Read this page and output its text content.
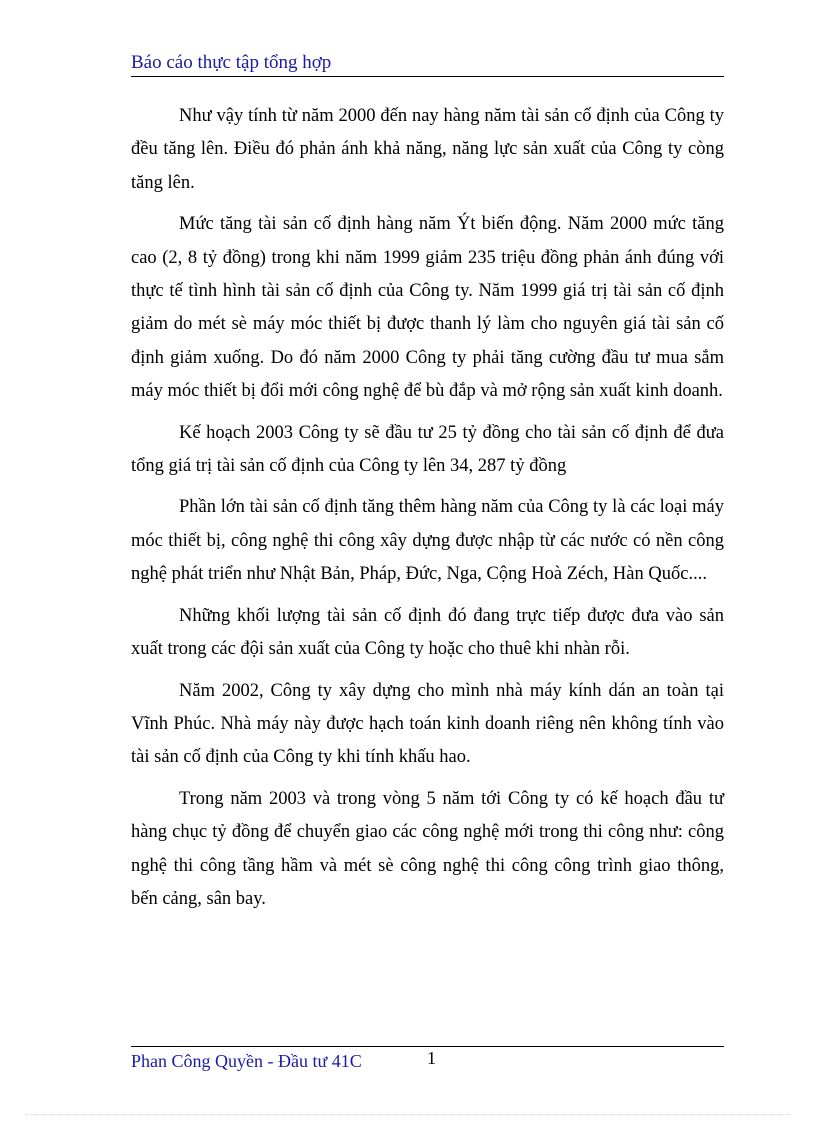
Báo cáo thực tập tổng hợp

Như vậy tính từ năm 2000 đến nay hàng năm tài sản cố định của Công ty đều tăng lên. Điều đó phản ánh khả năng, năng lực sản xuất của Công ty còng tăng lên.

Mức tăng tài sản cố định hàng năm Ýt biến động. Năm 2000 mức tăng cao (2, 8 tỷ đồng) trong khi năm 1999 giảm 235 triệu đồng phản ánh đúng với thực tế tình hình tài sản cố định của Công ty. Năm 1999 giá trị tài sản cố định giảm do mét sè máy móc thiết bị được thanh lý làm cho nguyên giá tài sản cố định giảm xuống. Do đó năm 2000 Công ty phải tăng cường đầu tư mua sắm máy móc thiết bị đổi mới công nghệ để bù đắp và mở rộng sản xuất kinh doanh.

Kế hoạch 2003 Công ty sẽ đầu tư 25 tỷ đồng cho tài sản cố định để đưa tổng giá trị tài sản cố định của Công ty lên 34, 287 tỷ đồng

Phần lớn tài sản cố định tăng thêm hàng năm của Công ty là các loại máy móc thiết bị, công nghệ thi công xây dựng được nhập từ các nước có nền công nghệ phát triển như Nhật Bản, Pháp, Đức, Nga, Cộng Hoà Zéch, Hàn Quốc....

Những khối lượng tài sản cố định đó đang trực tiếp được đưa vào sản xuất trong các đội sản xuất của Công ty hoặc cho thuê khi nhàn rỗi.

Năm 2002, Công ty xây dựng cho mình nhà máy kính dán an toàn tại Vĩnh Phúc. Nhà máy này được hạch toán kinh doanh riêng nên không tính vào tài sản cố định của Công ty khi tính khấu hao.

Trong năm 2003 và trong vòng 5 năm tới Công ty có kế hoạch đầu tư hàng chục tỷ đồng để chuyển giao các công nghệ mới trong thi công như: công nghệ thi công tầng hầm và mét sè công nghệ thi công công trình giao thông, bến cảng, sân bay.

Phan Công Quyền - Đầu tư 41C	1
